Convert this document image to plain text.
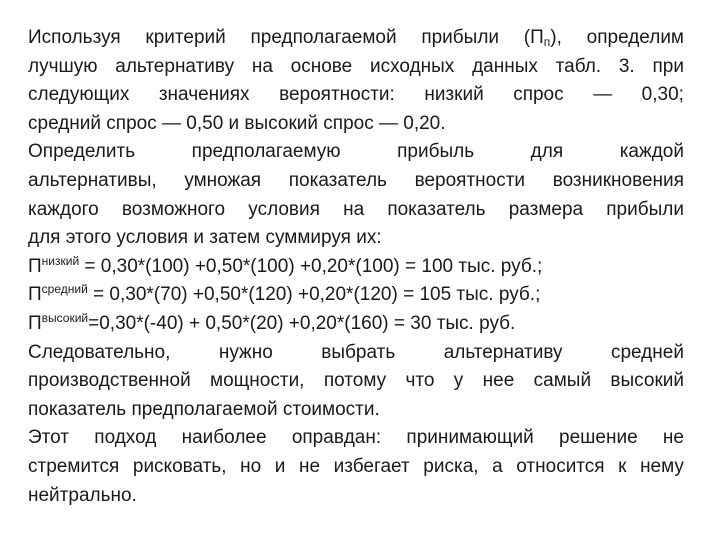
Используя критерий предполагаемой прибыли $(П_п)$, определим
лучшую альтернативу на основе исходных данных табл. 3. при
следующих значениях вероятности: низкий спрос — 0,30;
средний спрос — 0,50 и высокий спрос — 0,20.
Определить	предполагаемую	прибыль	для	каждой
альтернативы, умножая показатель вероятности возникновения
каждого возможного условия на показатель размера прибыли
для этого условия и затем суммируя их:
$П^{низкий} = 0,30*(100) +0,50*(100) +0,20*(100) = 100$ тыс. руб.;
$П^{средний} = 0,30*(70) +0,50*(120) +0,20*(120) = 105$ тыс. руб.;
$П^{высокий}=0,30*(-40) + 0,50*(20) +0,20*(160) = 30$ тыс. руб.
Следовательно,	нужно	выбрать	альтернативу	средней
производственной мощности, потому что у нее самый высокий
показатель предполагаемой стоимости.
Этот подход наиболее оправдан: принимающий решение не
стремится рисковать, но и не избегает риска, а относится к нему
нейтрально.
